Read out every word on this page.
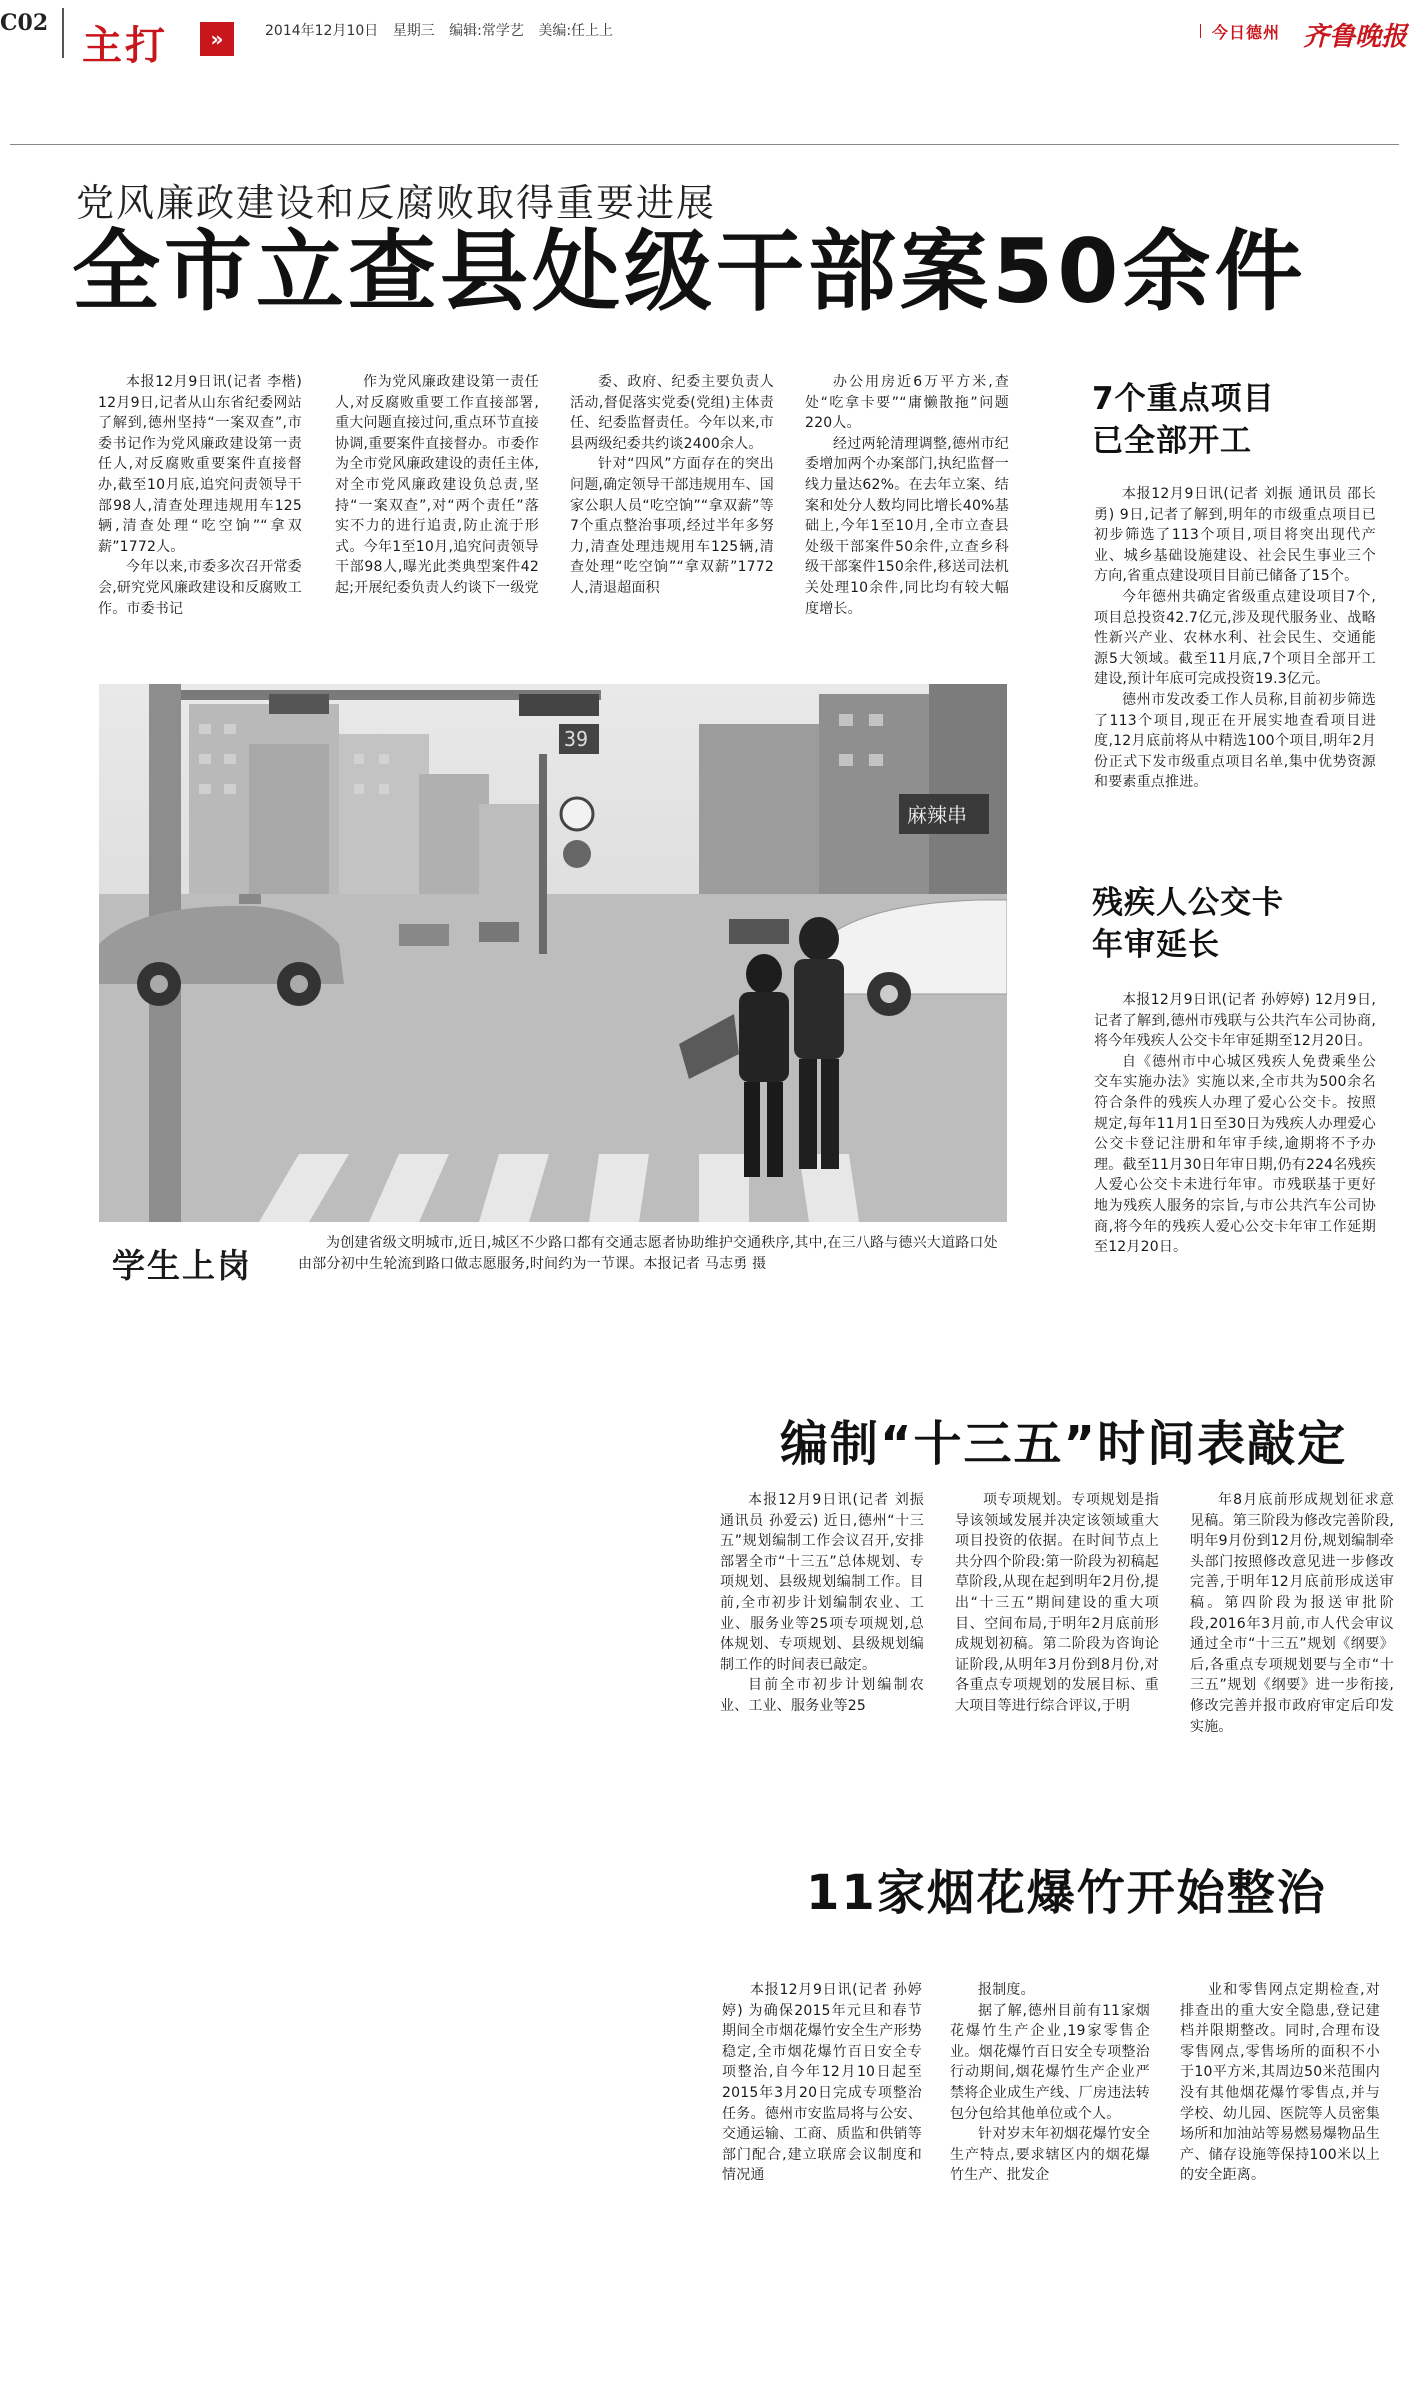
C02 主打	»	2014年12月10日 星期三 编辑:常学艺 美编:任上上	今日德州 齐鲁晚报
党风廉政建设和反腐败取得重要进展
全市立查县处级干部案50余件

本报12月9日讯(记者 李楷) 12月9日,记者从山东省纪委网站了解到,德州坚持“一案双查”,市委书记作为党风廉政建设第一责任人,对反腐败重要案件直接督办,截至10月底,追究问责领导干部98人,清查处理违规用车125辆,清查处理“吃空饷”“拿双薪”1772人。

今年以来,市委多次召开常委会,研究党风廉政建设和反腐败工作。市委书记

作为党风廉政建设第一责任人,对反腐败重要工作直接部署,重大问题直接过问,重点环节直接协调,重要案件直接督办。市委作为全市党风廉政建设的责任主体,对全市党风廉政建设负总责,坚持“一案双查”,对“两个责任”落实不力的进行追责,防止流于形式。今年1至10月,追究问责领导干部98人,曝光此类典型案件42起;开展纪委负责人约谈下一级党

委、政府、纪委主要负责人活动,督促落实党委(党组)主体责任、纪委监督责任。今年以来,市县两级纪委共约谈2400余人。

针对“四风”方面存在的突出问题,确定领导干部违规用车、国家公职人员“吃空饷”“拿双薪”等7个重点整治事项,经过半年多努力,清查处理违规用车125辆,清查处理“吃空饷”“拿双薪”1772人,清退超面积

办公用房近6万平方米,查处“吃拿卡要”“庸懒散拖”问题220人。

经过两轮清理调整,德州市纪委增加两个办案部门,执纪监督一线力量达62%。在去年立案、结案和处分人数均同比增长40%基础上,今年1至10月,全市立查县处级干部案件50余件,立查乡科级干部案件150余件,移送司法机关处理10余件,同比均有较大幅度增长。

7个重点项目已全部开工

本报12月9日讯(记者 刘振 通讯员 邵长勇) 9日,记者了解到,明年的市级重点项目已初步筛选了113个项目,项目将突出现代产业、城乡基础设施建设、社会民生事业三个方向,省重点建设项目目前已储备了15个。

今年德州共确定省级重点建设项目7个,项目总投资42.7亿元,涉及现代服务业、战略性新兴产业、农林水利、社会民生、交通能源5大领域。截至11月底,7个项目全部开工建设,预计年底可完成投资19.3亿元。

德州市发改委工作人员称,目前初步筛选了113个项目,现正在开展实地查看项目进度,12月底前将从中精选100个项目,明年2月份正式下发市级重点项目名单,集中优势资源和要素重点推进。

残疾人公交卡年审延长

本报12月9日讯(记者 孙婷婷) 12月9日,记者了解到,德州市残联与公共汽车公司协商,将今年残疾人公交卡年审延期至12月20日。

自《德州市中心城区残疾人免费乘坐公交车实施办法》实施以来,全市共为500余名符合条件的残疾人办理了爱心公交卡。按照规定,每年11月1日至30日为残疾人办理爱心公交卡登记注册和年审手续,逾期将不予办理。截至11月30日年审日期,仍有224名残疾人爱心公交卡未进行年审。市残联基于更好地为残疾人服务的宗旨,与市公共汽车公司协商,将今年的残疾人爱心公交卡年审工作延期至12月20日。

39
麻辣串
学生上岗
为创建省级文明城市,近日,城区不少路口都有交通志愿者协助维护交通秩序,其中,在三八路与德兴大道路口处由部分初中生轮流到路口做志愿服务,时间约为一节课。本报记者 马志勇 摄
编制“十三五”时间表敲定

本报12月9日讯(记者 刘振 通讯员 孙爱云) 近日,德州“十三五”规划编制工作会议召开,安排部署全市“十三五”总体规划、专项规划、县级规划编制工作。目前,全市初步计划编制农业、工业、服务业等25项专项规划,总体规划、专项规划、县级规划编制工作的时间表已敲定。

目前全市初步计划编制农业、工业、服务业等25

项专项规划。专项规划是指导该领域发展并决定该领域重大项目投资的依据。在时间节点上共分四个阶段:第一阶段为初稿起草阶段,从现在起到明年2月份,提出“十三五”期间建设的重大项目、空间布局,于明年2月底前形成规划初稿。第二阶段为咨询论证阶段,从明年3月份到8月份,对各重点专项规划的发展目标、重大项目等进行综合评议,于明

年8月底前形成规划征求意见稿。第三阶段为修改完善阶段,明年9月份到12月份,规划编制牵头部门按照修改意见进一步修改完善,于明年12月底前形成送审稿。第四阶段为报送审批阶段,2016年3月前,市人代会审议通过全市“十三五”规划《纲要》后,各重点专项规划要与全市“十三五”规划《纲要》进一步衔接,修改完善并报市政府审定后印发实施。

11家烟花爆竹开始整治

本报12月9日讯(记者 孙婷婷) 为确保2015年元旦和春节期间全市烟花爆竹安全生产形势稳定,全市烟花爆竹百日安全专项整治,自今年12月10日起至2015年3月20日完成专项整治任务。德州市安监局将与公安、交通运输、工商、质监和供销等部门配合,建立联席会议制度和情况通

报制度。

据了解,德州目前有11家烟花爆竹生产企业,19家零售企业。烟花爆竹百日安全专项整治行动期间,烟花爆竹生产企业严禁将企业成生产线、厂房违法转包分包给其他单位或个人。

针对岁末年初烟花爆竹安全生产特点,要求辖区内的烟花爆竹生产、批发企

业和零售网点定期检查,对排查出的重大安全隐患,登记建档并限期整改。同时,合理布设零售网点,零售场所的面积不小于10平方米,其周边50米范围内没有其他烟花爆竹零售点,并与学校、幼儿园、医院等人员密集场所和加油站等易燃易爆物品生产、储存设施等保持100米以上的安全距离。
